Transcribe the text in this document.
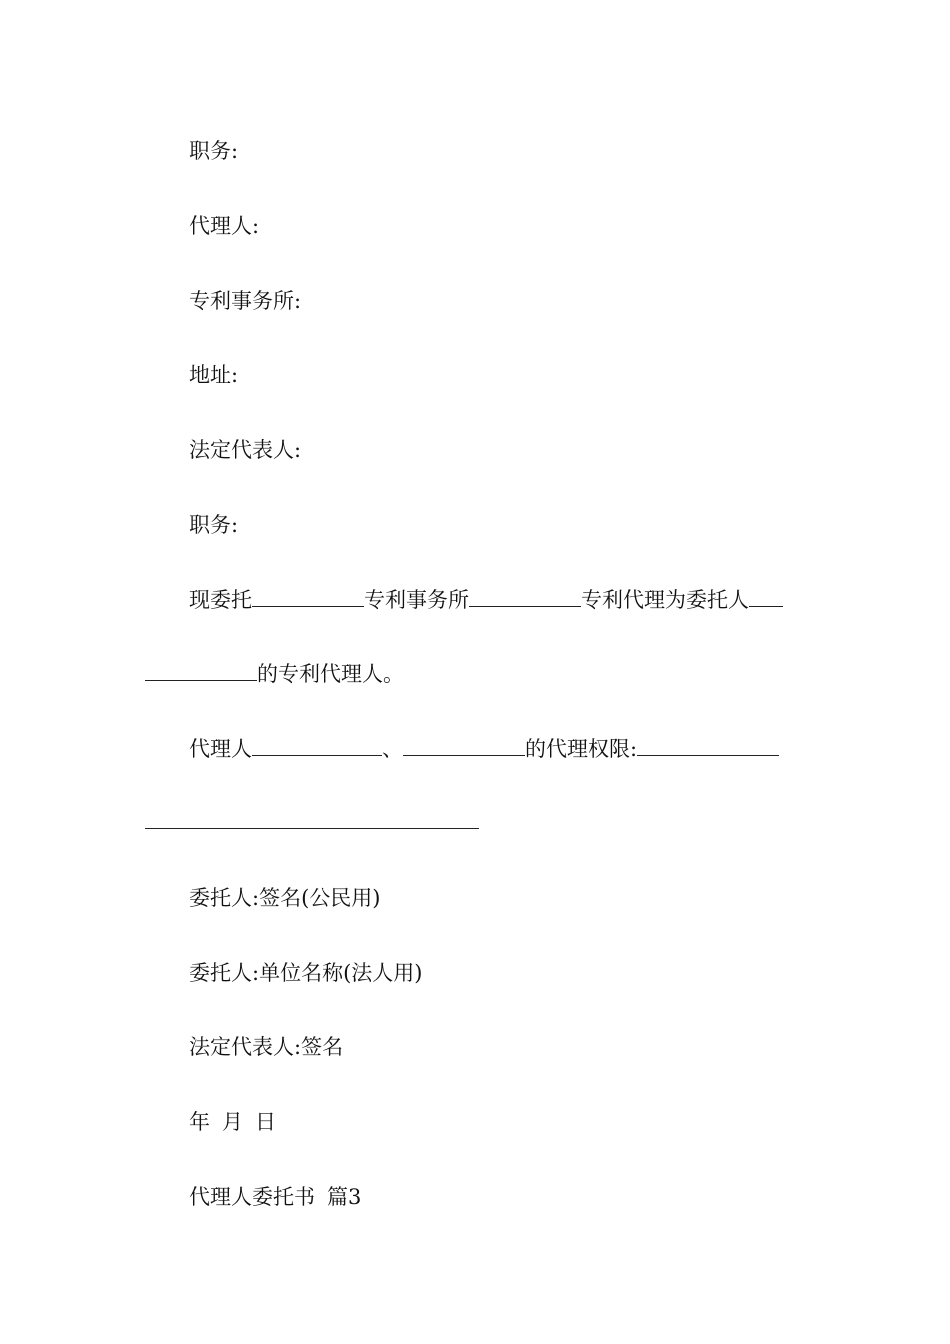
职务:
代理人:
专利事务所:
地址:
法定代表人:
职务:
现委托	专利事务所	专利代理为委托人
的专利代理人。
代理人	、	的代理权限:
委托人:签名(公民用)
委托人:单位名称(法人用)
法定代表人:签名
年 月 日
代理人委托书 篇3
